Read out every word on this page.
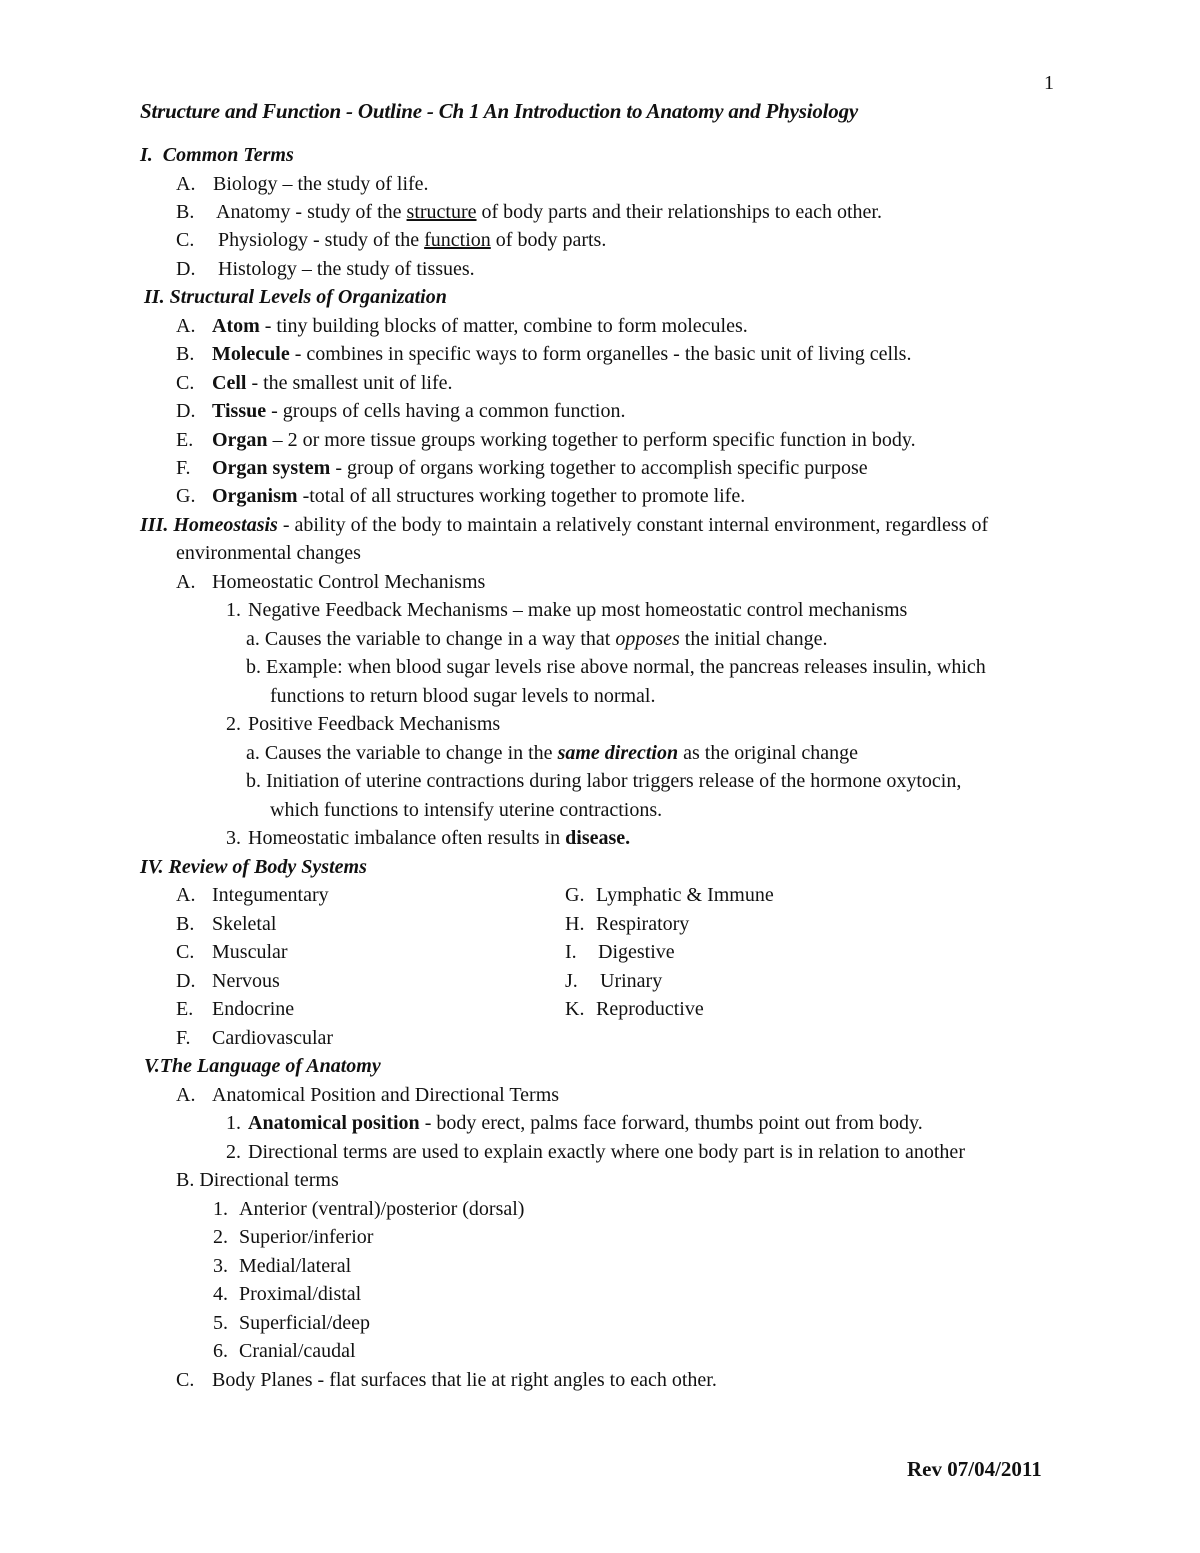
1
Structure and Function - Outline - Ch 1 An Introduction to Anatomy and Physiology
I. Common Terms
A. Biology – the study of life.
B. Anatomy - study of the structure of body parts and their relationships to each other.
C. Physiology - study of the function of body parts.
D. Histology – the study of tissues.
II. Structural Levels of Organization
A. Atom - tiny building blocks of matter, combine to form molecules.
B. Molecule - combines in specific ways to form organelles - the basic unit of living cells.
C. Cell - the smallest unit of life.
D. Tissue - groups of cells having a common function.
E. Organ – 2 or more tissue groups working together to perform specific function in body.
F. Organ system - group of organs working together to accomplish specific purpose
G. Organism -total of all structures working together to promote life.
III. Homeostasis - ability of the body to maintain a relatively constant internal environment, regardless of
environmental changes
A. Homeostatic Control Mechanisms
1. Negative Feedback Mechanisms – make up most homeostatic control mechanisms
a. Causes the variable to change in a way that opposes the initial change.
b. Example: when blood sugar levels rise above normal, the pancreas releases insulin, which
functions to return blood sugar levels to normal.
2. Positive Feedback Mechanisms
a. Causes the variable to change in the same direction as the original change
b. Initiation of uterine contractions during labor triggers release of the hormone oxytocin,
which functions to intensify uterine contractions.
3. Homeostatic imbalance often results in disease.
IV. Review of Body Systems
A. Integumentary
B. Skeletal
C. Muscular
D. Nervous
E. Endocrine
F. Cardiovascular
G. Lymphatic & Immune
H. Respiratory
I. Digestive
J. Urinary
K. Reproductive
V.The Language of Anatomy
A. Anatomical Position and Directional Terms
1. Anatomical position - body erect, palms face forward, thumbs point out from body.
2. Directional terms are used to explain exactly where one body part is in relation to another
B. Directional terms
1. Anterior (ventral)/posterior (dorsal)
2. Superior/inferior
3. Medial/lateral
4. Proximal/distal
5. Superficial/deep
6. Cranial/caudal
C. Body Planes - flat surfaces that lie at right angles to each other.
Rev 07/04/2011
